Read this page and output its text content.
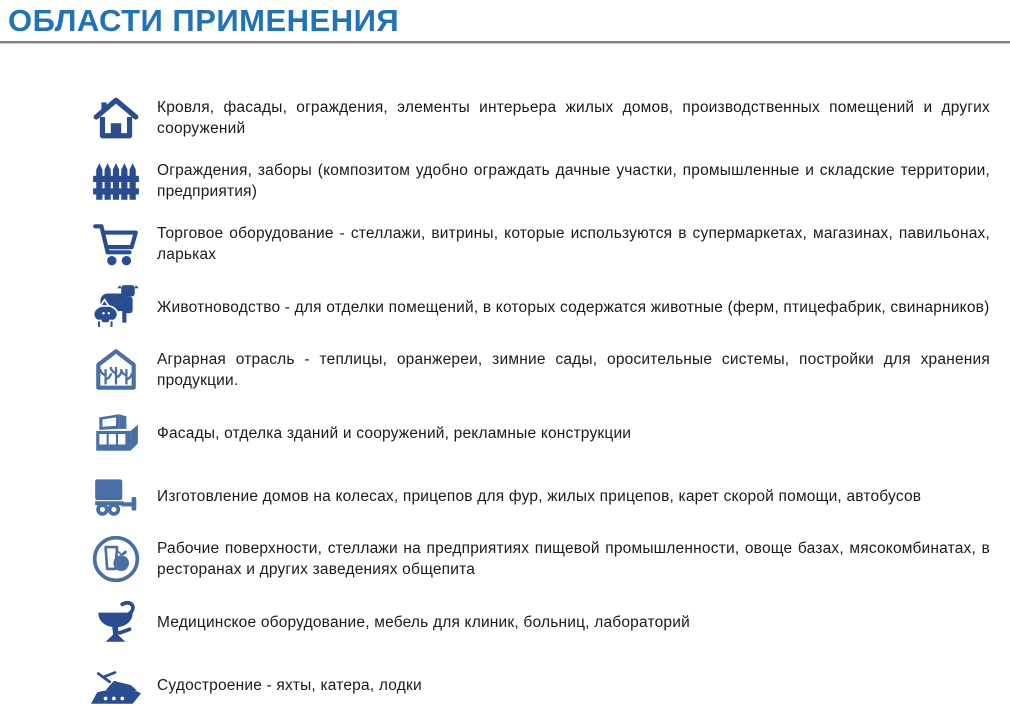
ОБЛАСТИ ПРИМЕНЕНИЯ

Кровля, фасады, ограждения, элементы интерьера жилых домов, производственных помещений и других сооружений

Ограждения, заборы (композитом удобно ограждать дачные участки, промышленные и складские территории, предприятия)

Торговое оборудование - стеллажи, витрины, которые используются в супермаркетах, магазинах, павильонах, ларьках

Животноводство - для отделки помещений, в которых содержатся животные (ферм, птицефабрик, свинарников)

Аграрная отрасль - теплицы, оранжереи, зимние сады, оросительные системы, постройки для хранения продукции.

Фасады, отделка зданий и сооружений, рекламные конструкции

Изготовление домов на колесах, прицепов для фур, жилых прицепов, карет скорой помощи, автобусов

Рабочие поверхности, стеллажи на предприятиях пищевой промышленности, овоще базах, мясокомбинатах, в ресторанах и других заведениях общепита

Медицинское оборудование, мебель для клиник, больниц, лабораторий

Судостроение - яхты, катера, лодки
